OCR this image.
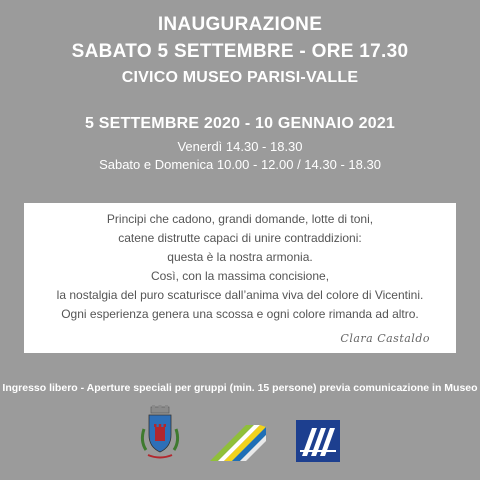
INAUGURAZIONE
SABATO 5 SETTEMBRE - ORE 17.30
CIVICO MUSEO PARISI-VALLE
5 SETTEMBRE 2020 - 10 GENNAIO 2021
Venerdì 14.30 - 18.30
Sabato e Domenica 10.00 - 12.00 / 14.30 - 18.30
Principi che cadono, grandi domande, lotte di toni,
catene distrutte capaci di unire contraddizioni:
questa è la nostra armonia.
Così, con la massima concisione,
la nostalgia del puro scaturisce dall’anima viva del colore di Vicentini.
Ogni esperienza genera una scossa e ogni colore rimanda ad altro.
Clara Castaldo
Ingresso libero - Aperture speciali per gruppi (min. 15 persone) previa comunicazione in Museo
